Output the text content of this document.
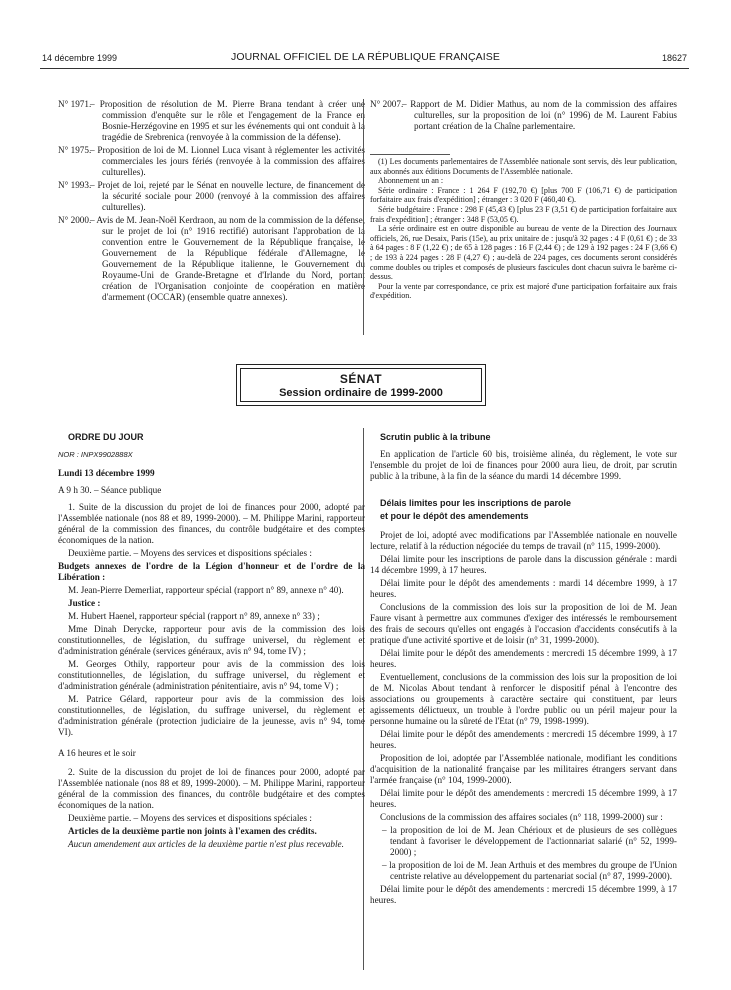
14 décembre 1999	JOURNAL OFFICIEL DE LA RÉPUBLIQUE FRANÇAISE	18627
N° 1971.
– Proposition de résolution de M. Pierre Brana tendant à créer une commission d'enquête sur le rôle et l'engagement de la France en Bosnie-Herzégovine en 1995 et sur les événements qui ont conduit à la tragédie de Srebrenica (renvoyée à la commission de la défense).
N° 1975.
– Proposition de loi de M. Lionnel Luca visant à réglementer les activités commerciales les jours fériés (renvoyée à la commission des affaires culturelles).
N° 1993.
– Projet de loi, rejeté par le Sénat en nouvelle lecture, de financement de la sécurité sociale pour 2000 (renvoyé à la commission des affaires culturelles).
N° 2000.
– Avis de M. Jean-Noël Kerdraon, au nom de la commission de la défense, sur le projet de loi (n° 1916 rectifié) autorisant l'approbation de la convention entre le Gouvernement de la République française, le Gouvernement de la République fédérale d'Allemagne, le Gouvernement de la République italienne, le Gouvernement du Royaume-Uni de Grande-Bretagne et d'Irlande du Nord, portant création de l'Organisation conjointe de coopération en matière d'armement (OCCAR) (ensemble quatre annexes).
N° 2007.
– Rapport de M. Didier Mathus, au nom de la commission des affaires culturelles, sur la proposition de loi (n° 1996) de M. Laurent Fabius portant création de la Chaîne parlementaire.

(1) Les documents parlementaires de l'Assemblée nationale sont servis, dès leur publication, aux abonnés aux éditions Documents de l'Assemblée nationale.

Abonnement un an :

Série ordinaire : France : 1 264 F (192,70 €) [plus 700 F (106,71 €) de participation forfaitaire aux frais d'expédition] ; étranger : 3 020 F (460,40 €).

Série budgétaire : France : 298 F (45,43 €) [plus 23 F (3,51 €) de participation forfaitaire aux frais d'expédition] ; étranger : 348 F (53,05 €).

La série ordinaire est en outre disponible au bureau de vente de la Direction des Journaux officiels, 26, rue Desaix, Paris (15e), au prix unitaire de : jusqu'à 32 pages : 4 F (0,61 €) ; de 33 à 64 pages : 8 F (1,22 €) ; de 65 à 128 pages : 16 F (2,44 €) ; de 129 à 192 pages : 24 F (3,66 €) ; de 193 à 224 pages : 28 F (4,27 €) ; au-delà de 224 pages, ces documents seront considérés comme doubles ou triples et composés de plusieurs fascicules dont chacun suivra le barème ci-dessus.

Pour la vente par correspondance, ce prix est majoré d'une participation forfaitaire aux frais d'expédition.

SÉNAT
Session ordinaire de 1999-2000

ORDRE DU JOUR

NOR : INPX9902888X

Lundi 13 décembre 1999

A 9 h 30. – Séance publique

1. Suite de la discussion du projet de loi de finances pour 2000, adopté par l'Assemblée nationale (nos 88 et 89, 1999-2000). – M. Philippe Marini, rapporteur général de la commission des finances, du contrôle budgétaire et des comptes économiques de la nation.

Deuxième partie. – Moyens des services et dispositions spéciales :

Budgets annexes de l'ordre de la Légion d'honneur et de l'ordre de la Libération :

M. Jean-Pierre Demerliat, rapporteur spécial (rapport n° 89, annexe n° 40).

Justice :

M. Hubert Haenel, rapporteur spécial (rapport n° 89, annexe n° 33) ;

Mme Dinah Derycke, rapporteur pour avis de la commission des lois constitutionnelles, de législation, du suffrage universel, du règlement et d'administration générale (services généraux, avis n° 94, tome IV) ;

M. Georges Othily, rapporteur pour avis de la commission des lois constitutionnelles, de législation, du suffrage universel, du règlement et d'administration générale (administration pénitentiaire, avis n° 94, tome V) ;

M. Patrice Gélard, rapporteur pour avis de la commission des lois constitutionnelles, de législation, du suffrage universel, du règlement et d'administration générale (protection judiciaire de la jeunesse, avis n° 94, tome VI).

A 16 heures et le soir

2. Suite de la discussion du projet de loi de finances pour 2000, adopté par l'Assemblée nationale (nos 88 et 89, 1999-2000). – M. Philippe Marini, rapporteur général de la commission des finances, du contrôle budgétaire et des comptes économiques de la nation.

Deuxième partie. – Moyens des services et dispositions spéciales :

Articles de la deuxième partie non joints à l'examen des crédits.

Aucun amendement aux articles de la deuxième partie n'est plus recevable.

Scrutin public à la tribune

En application de l'article 60 bis, troisième alinéa, du règlement, le vote sur l'ensemble du projet de loi de finances pour 2000 aura lieu, de droit, par scrutin public à la tribune, à la fin de la séance du mardi 14 décembre 1999.

Délais limites pour les inscriptions de parole

et pour le dépôt des amendements

Projet de loi, adopté avec modifications par l'Assemblée nationale en nouvelle lecture, relatif à la réduction négociée du temps de travail (n° 115, 1999-2000).

Délai limite pour les inscriptions de parole dans la discussion générale : mardi 14 décembre 1999, à 17 heures.

Délai limite pour le dépôt des amendements : mardi 14 décembre 1999, à 17 heures.

Conclusions de la commission des lois sur la proposition de loi de M. Jean Faure visant à permettre aux communes d'exiger des intéressés le remboursement des frais de secours qu'elles ont engagés à l'occasion d'accidents consécutifs à la pratique d'une activité sportive et de loisir (n° 31, 1999-2000).

Délai limite pour le dépôt des amendements : mercredi 15 décembre 1999, à 17 heures.

Eventuellement, conclusions de la commission des lois sur la proposition de loi de M. Nicolas About tendant à renforcer le dispositif pénal à l'encontre des associations ou groupements à caractère sectaire qui constituent, par leurs agissements délictueux, un trouble à l'ordre public ou un péril majeur pour la personne humaine ou la sûreté de l'Etat (n° 79, 1998-1999).

Délai limite pour le dépôt des amendements : mercredi 15 décembre 1999, à 17 heures.

Proposition de loi, adoptée par l'Assemblée nationale, modifiant les conditions d'acquisition de la nationalité française par les militaires étrangers servant dans l'armée française (n° 104, 1999-2000).

Délai limite pour le dépôt des amendements : mercredi 15 décembre 1999, à 17 heures.

Conclusions de la commission des affaires sociales (n° 118, 1999-2000) sur :

– la proposition de loi de M. Jean Chérioux et de plusieurs de ses collègues tendant à favoriser le développement de l'actionnariat salarié (n° 52, 1999-2000) ;

– la proposition de loi de M. Jean Arthuis et des membres du groupe de l'Union centriste relative au développement du partenariat social (n° 87, 1999-2000).

Délai limite pour le dépôt des amendements : mercredi 15 décembre 1999, à 17 heures.
